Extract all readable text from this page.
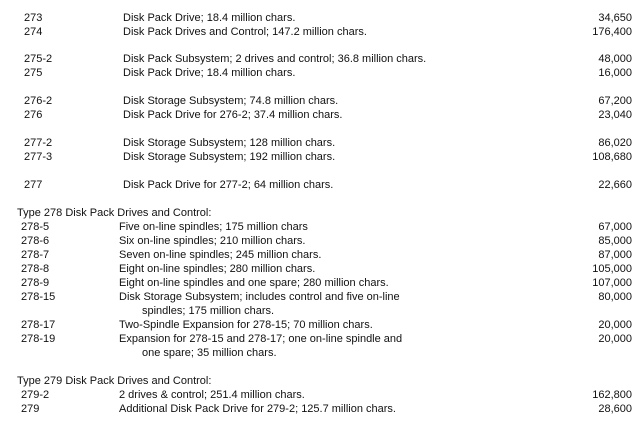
273	Disk Pack Drive; 18.4 million chars.	34,650
274	Disk Pack Drives and Control; 147.2 million chars.	176,400
275-2	Disk Pack Subsystem; 2 drives and control; 36.8 million chars.	48,000
275	Disk Pack Drive; 18.4 million chars.	16,000
276-2	Disk Storage Subsystem; 74.8 million chars.	67,200
276	Disk Pack Drive for 276-2; 37.4 million chars.	23,040
277-2	Disk Storage Subsystem; 128 million chars.	86,020
277-3	Disk Storage Subsystem; 192 million chars.	108,680
277	Disk Pack Drive for 277-2; 64 million chars.	22,660
Type 278 Disk Pack Drives and Control:
278-5	Five on-line spindles; 175 million chars	67,000
278-6	Six on-line spindles; 210 million chars.	85,000
278-7	Seven on-line spindles; 245 million chars.	87,000
278-8	Eight on-line spindles; 280 million chars.	105,000
278-9	Eight on-line spindles and one spare; 280 million chars.	107,000
278-15	Disk Storage Subsystem; includes control and five on-line	80,000
spindles; 175 million chars.
278-17	Two-Spindle Expansion for 278-15; 70 million chars.	20,000
278-19	Expansion for 278-15 and 278-17; one on-line spindle and	20,000
one spare; 35 million chars.
Type 279 Disk Pack Drives and Control:
279-2	2 drives & control; 251.4 million chars.	162,800
279	Additional Disk Pack Drive for 279-2; 125.7 million chars.	28,600
